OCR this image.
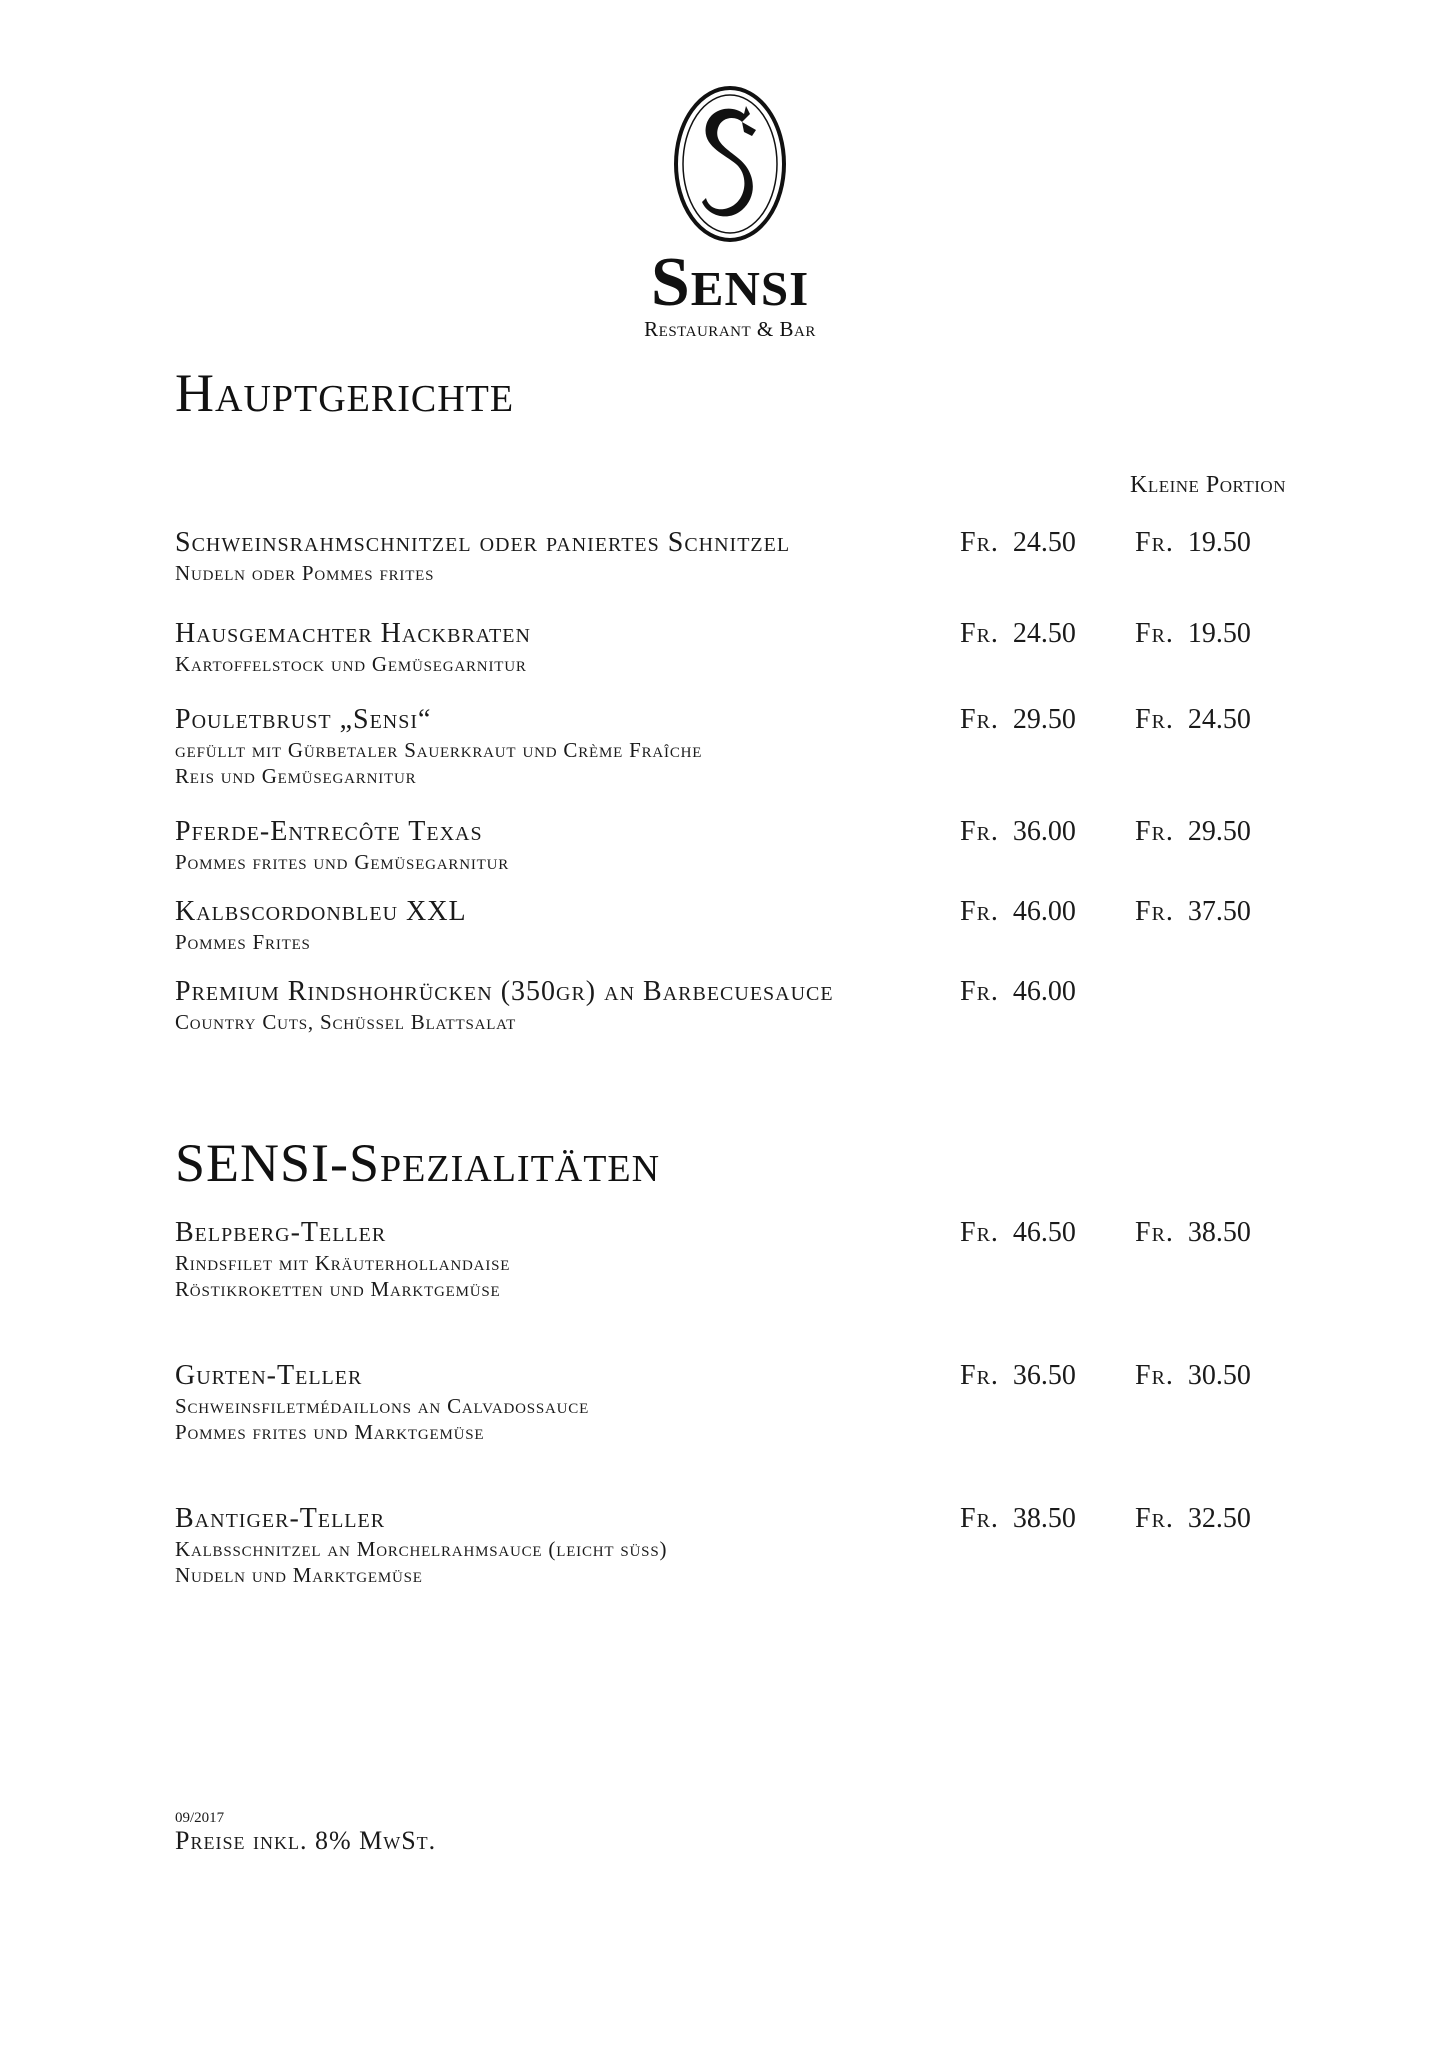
Sensi
Restaurant & Bar
Hauptgerichte
Kleine Portion
Schweinsrahmschnitzel oder paniertes Schnitzel
Nudeln oder Pommes frites
Fr. 24.50 Fr. 19.50
Hausgemachter Hackbraten
Kartoffelstock und Gemüsegarnitur
Fr. 24.50 Fr. 19.50
Pouletbrust „Sensi“
gefüllt mit Gürbetaler Sauerkraut und Crème Fraîche
Reis und Gemüsegarnitur
Fr. 29.50 Fr. 24.50
Pferde-Entrecôte Texas
Pommes frites und Gemüsegarnitur
Fr. 36.00 Fr. 29.50
Kalbscordonbleu XXL
Pommes Frites
Fr. 46.00 Fr. 37.50
Premium Rindshohrücken (350gr) an Barbecuesauce
Country Cuts, Schüssel Blattsalat
Fr. 46.00
SENSI-Spezialitäten
Belpberg-Teller
Rindsfilet mit Kräuterhollandaise
Röstikroketten und Marktgemüse
Fr. 46.50 Fr. 38.50
Gurten-Teller
Schweinsfiletmédaillons an Calvadossauce
Pommes frites und Marktgemüse
Fr. 36.50 Fr. 30.50
Bantiger-Teller
Kalbsschnitzel an Morchelrahmsauce (leicht süss)
Nudeln und Marktgemüse
Fr. 38.50 Fr. 32.50
09/2017
Preise inkl. 8% MwSt.
